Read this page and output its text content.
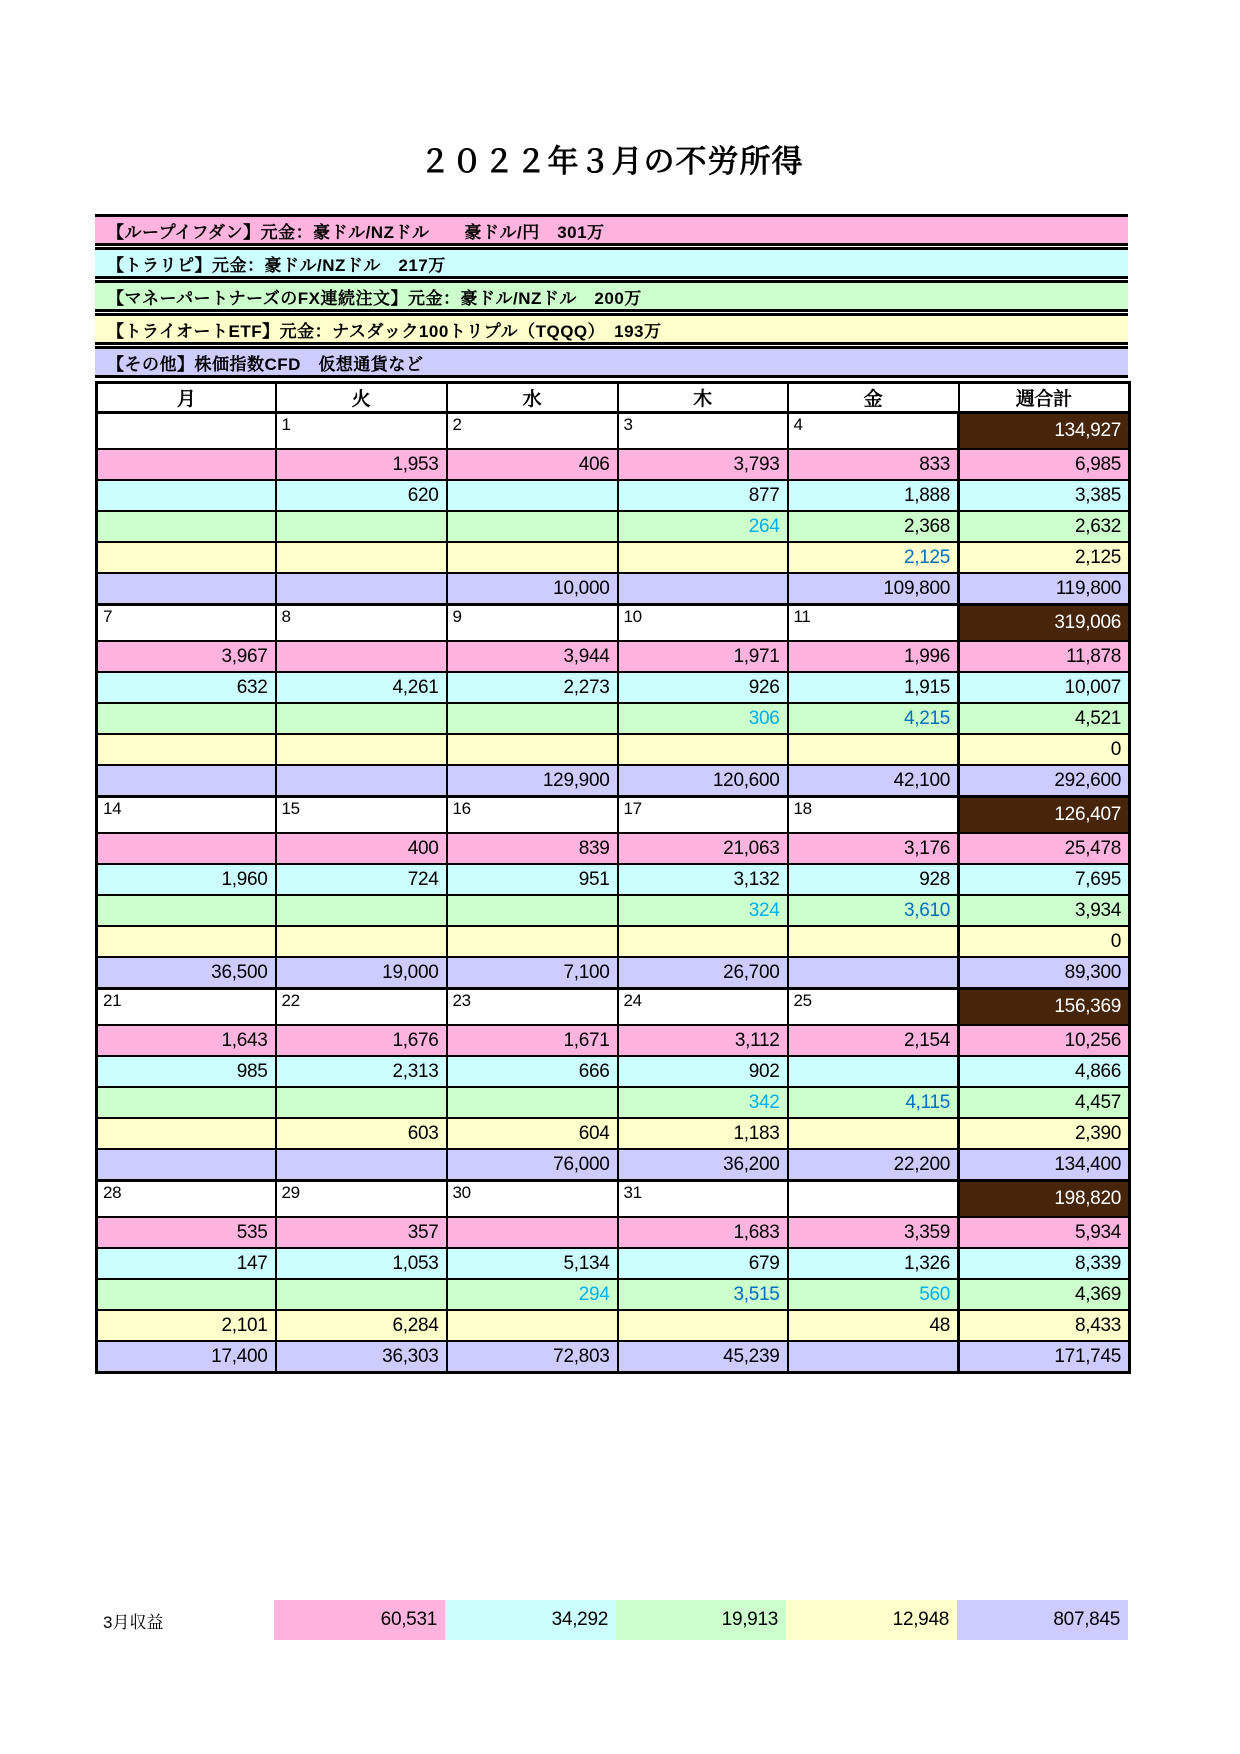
２０２２年３月の不労所得
【ループイフダン】元金：豪ドル/NZドル　　豪ドル/円　301万
【トラリピ】元金：豪ドル/NZドル　217万
【マネーパートナーズのFX連続注文】元金：豪ドル/NZドル　200万
【トライオートETF】元金：ナスダック100トリプル（TQQQ）　193万
【その他】株価指数CFD　仮想通貨など
月	火	水	木	金	週合計
	1	2	3	4	134,927
	1,953	406	3,793	833	6,985
	620		877	1,888	3,385
			264	2,368	2,632
				2,125	2,125
		10,000		109,800	119,800
7	8	9	10	11	319,006
3,967		3,944	1,971	1,996	11,878
632	4,261	2,273	926	1,915	10,007
			306	4,215	4,521
					0
		129,900	120,600	42,100	292,600
14	15	16	17	18	126,407
	400	839	21,063	3,176	25,478
1,960	724	951	3,132	928	7,695
			324	3,610	3,934
					0
36,500	19,000	7,100	26,700		89,300
21	22	23	24	25	156,369
1,643	1,676	1,671	3,112	2,154	10,256
985	2,313	666	902		4,866
			342	4,115	4,457
	603	604	1,183		2,390
		76,000	36,200	22,200	134,400
28	29	30	31		198,820
535	357		1,683	3,359	5,934
147	1,053	5,134	679	1,326	8,339
		294	3,515	560	4,369
2,101	6,284			48	8,433
17,400	36,303	72,803	45,239		171,745
3月収益	60,531	34,292	19,913	12,948	807,845
